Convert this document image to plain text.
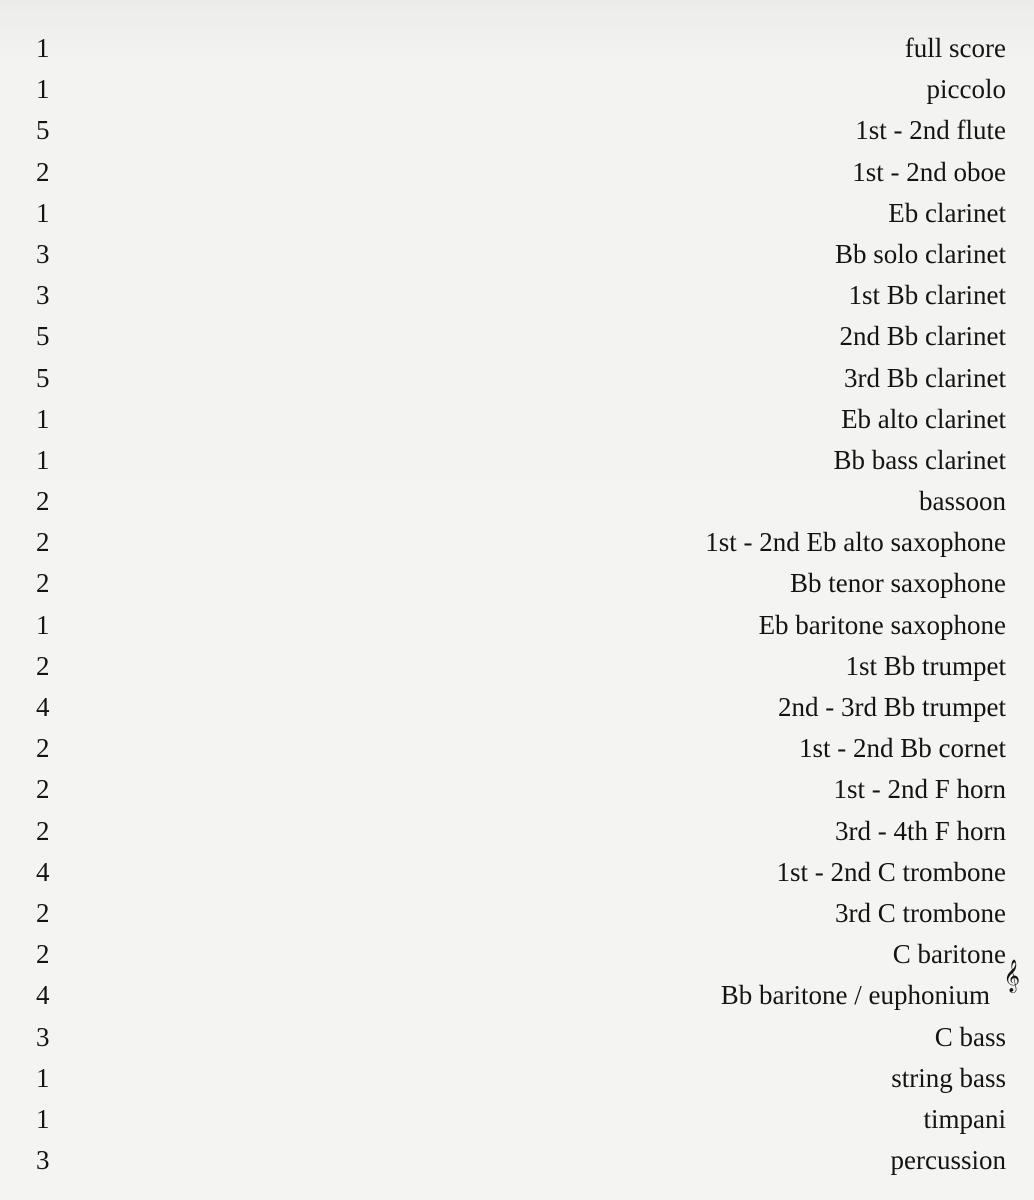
1	full score
1	piccolo
5	1st - 2nd flute
2	1st - 2nd oboe
1	Eb clarinet
3	Bb solo clarinet
3	1st Bb clarinet
5	2nd Bb clarinet
5	3rd Bb clarinet
1	Eb alto clarinet
1	Bb bass clarinet
2	bassoon
2	1st - 2nd Eb alto saxophone
2	Bb tenor saxophone
1	Eb baritone saxophone
2	1st Bb trumpet
4	2nd - 3rd Bb trumpet
2	1st - 2nd Bb cornet
2	1st - 2nd F horn
2	3rd - 4th F horn
4	1st - 2nd C trombone
2	3rd C trombone
2	C baritone
4	Bb baritone / euphonium
3	C bass
1	string bass
1	timpani
3	percussion
𝄞
